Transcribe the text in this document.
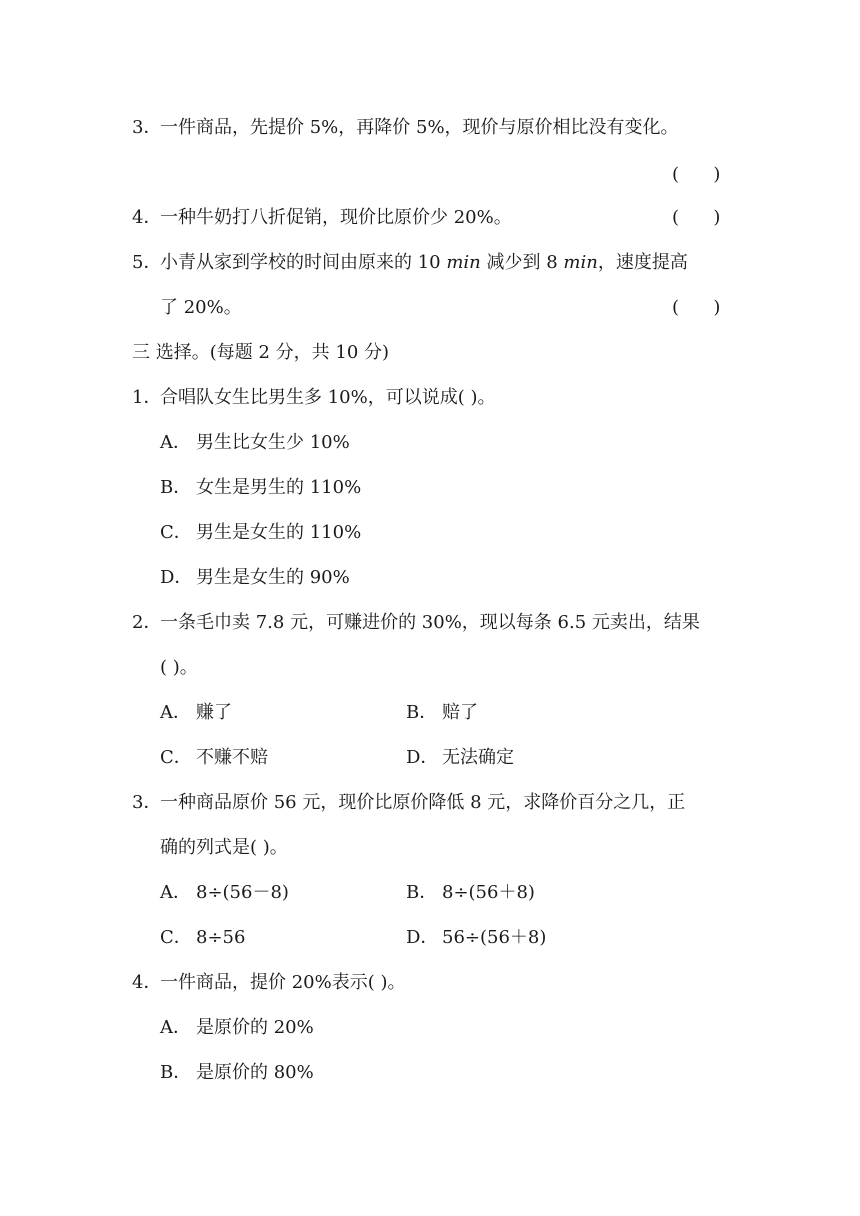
3．一件商品，先提价 5%，再降价 5%，现价与原价相比没有变化。
(      )
4．一种牛奶打八折促销，现价比原价少 20%。	(      )
5．小青从家到学校的时间由原来的 10 min 减少到 8 min，速度提高
了 20%。	(      )
三 选择。(每题 2 分，共 10 分)
1．合唱队女生比男生多 10%，可以说成( )。
A． 男生比女生少 10%
B． 女生是男生的 110%
C． 男生是女生的 110%
D． 男生是女生的 90%
2．一条毛巾卖 7.8 元，可赚进价的 30%，现以每条 6.5 元卖出，结果
( )。
A． 赚了	B． 赔了
C． 不赚不赔	D． 无法确定
3．一种商品原价 56 元，现价比原价降低 8 元，求降价百分之几，正
确的列式是( )。
A． 8÷(56－8)	B． 8÷(56＋8)
C． 8÷56	D． 56÷(56＋8)
4．一件商品，提价 20%表示( )。
A． 是原价的 20%
B． 是原价的 80%
